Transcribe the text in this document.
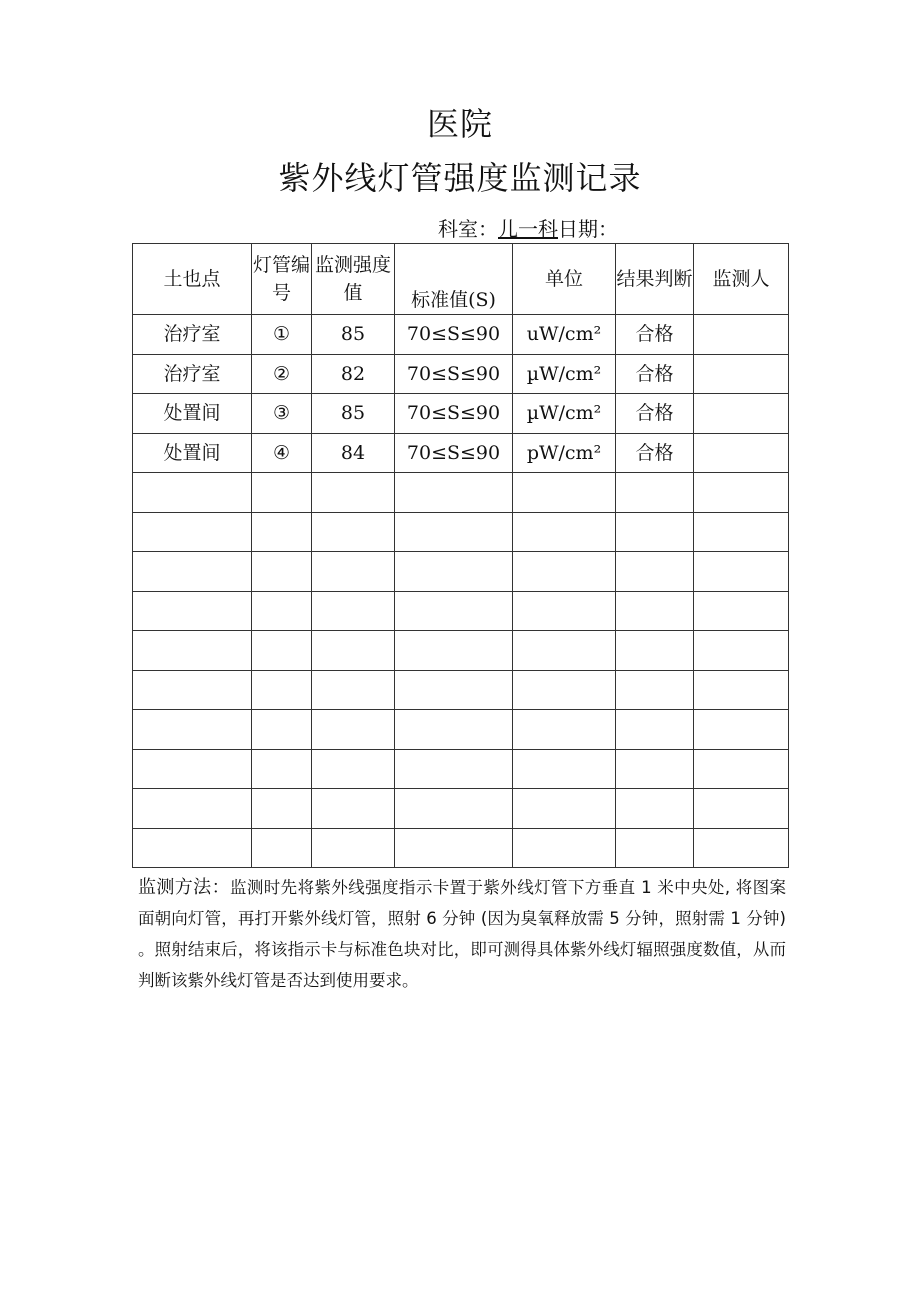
医院
紫外线灯管强度监测记录
科室：儿一科日期：
土也点	灯管编号	监测强度值	标准值(S)	单位	结果判断	监测人
治疗室	①	85	70≤S≤90	uW/cm²	合格	
治疗室	②	82	70≤S≤90	µW/cm²	合格	
处置间	③	85	70≤S≤90	µW/cm²	合格	
处置间	④	84	70≤S≤90	pW/cm²	合格	

监测方法：监测时先将紫外线强度指示卡置于紫外线灯管下方垂直 1 米中央处, 将图案面朝向灯管，再打开紫外线灯管，照射 6 分钟 (因为臭氧释放需 5 分钟，照射需 1 分钟) 。照射结束后，将该指示卡与标准色块对比，即可测得具体紫外线灯辐照强度数值，从而判断该紫外线灯管是否达到使用要求。
